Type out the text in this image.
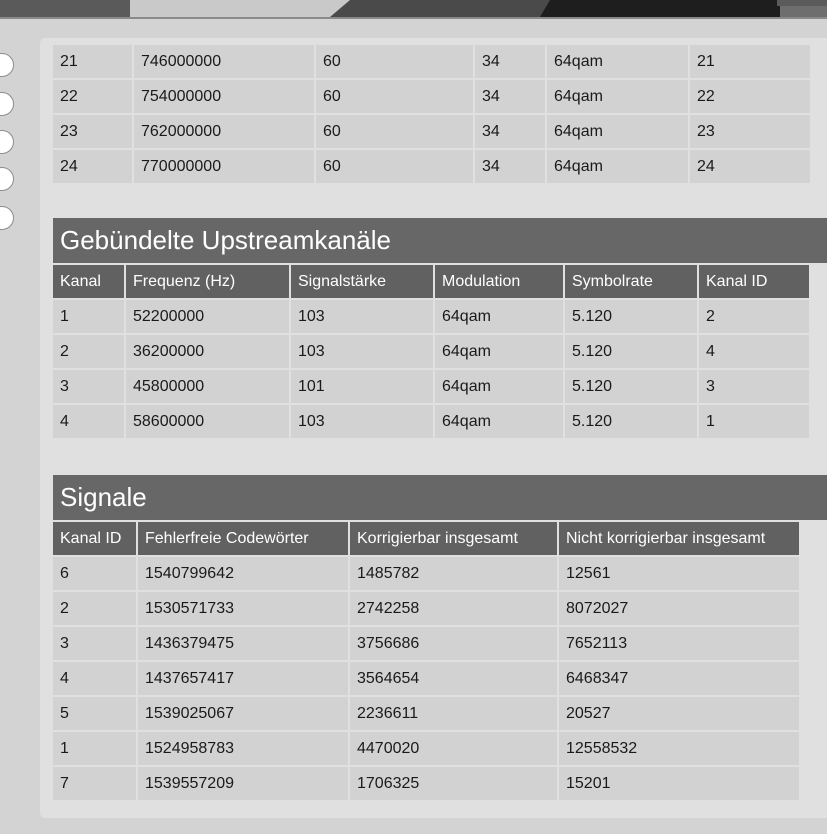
21	746000000	60	34	64qam	21
22	754000000	60	34	64qam	22
23	762000000	60	34	64qam	23
24	770000000	60	34	64qam	24
Gebündelte Upstreamkanäle
Kanal	Frequenz (Hz)	Signalstärke	Modulation	Symbolrate	Kanal ID
1	52200000	103	64qam	5.120	2
2	36200000	103	64qam	5.120	4
3	45800000	101	64qam	5.120	3
4	58600000	103	64qam	5.120	1
Signale
Kanal ID	Fehlerfreie Codewörter	Korrigierbar insgesamt	Nicht korrigierbar insgesamt
6	1540799642	1485782	12561
2	1530571733	2742258	8072027
3	1436379475	3756686	7652113
4	1437657417	3564654	6468347
5	1539025067	2236611	20527
1	1524958783	4470020	12558532
7	1539557209	1706325	15201
